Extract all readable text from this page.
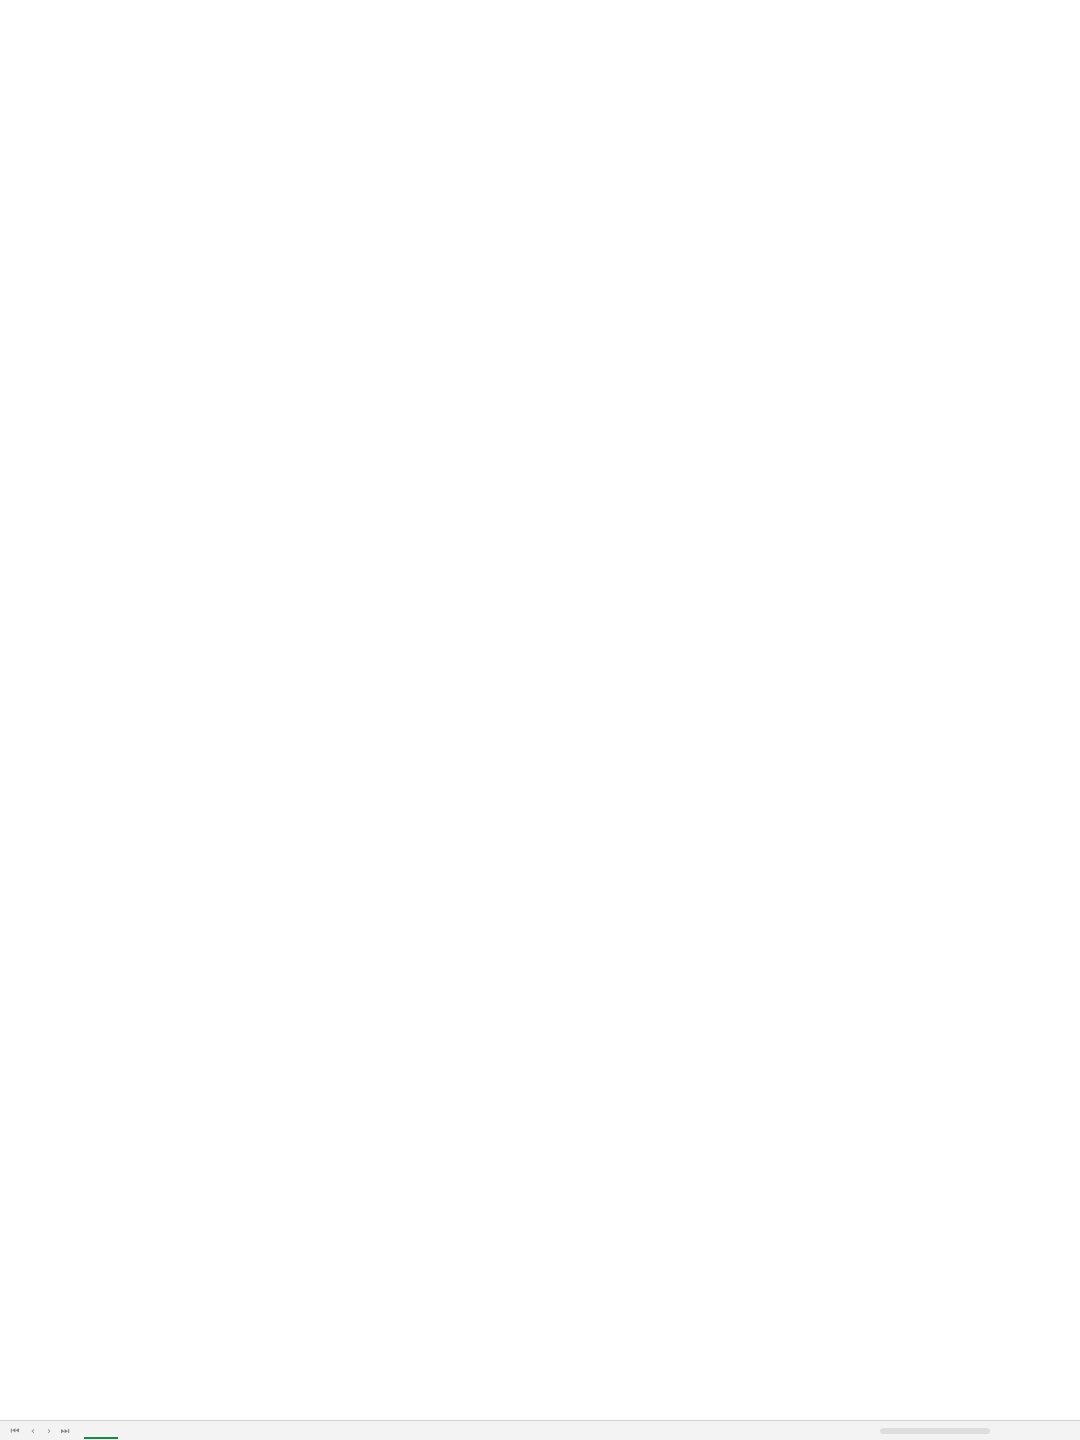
⏮	‹	› ⏭
